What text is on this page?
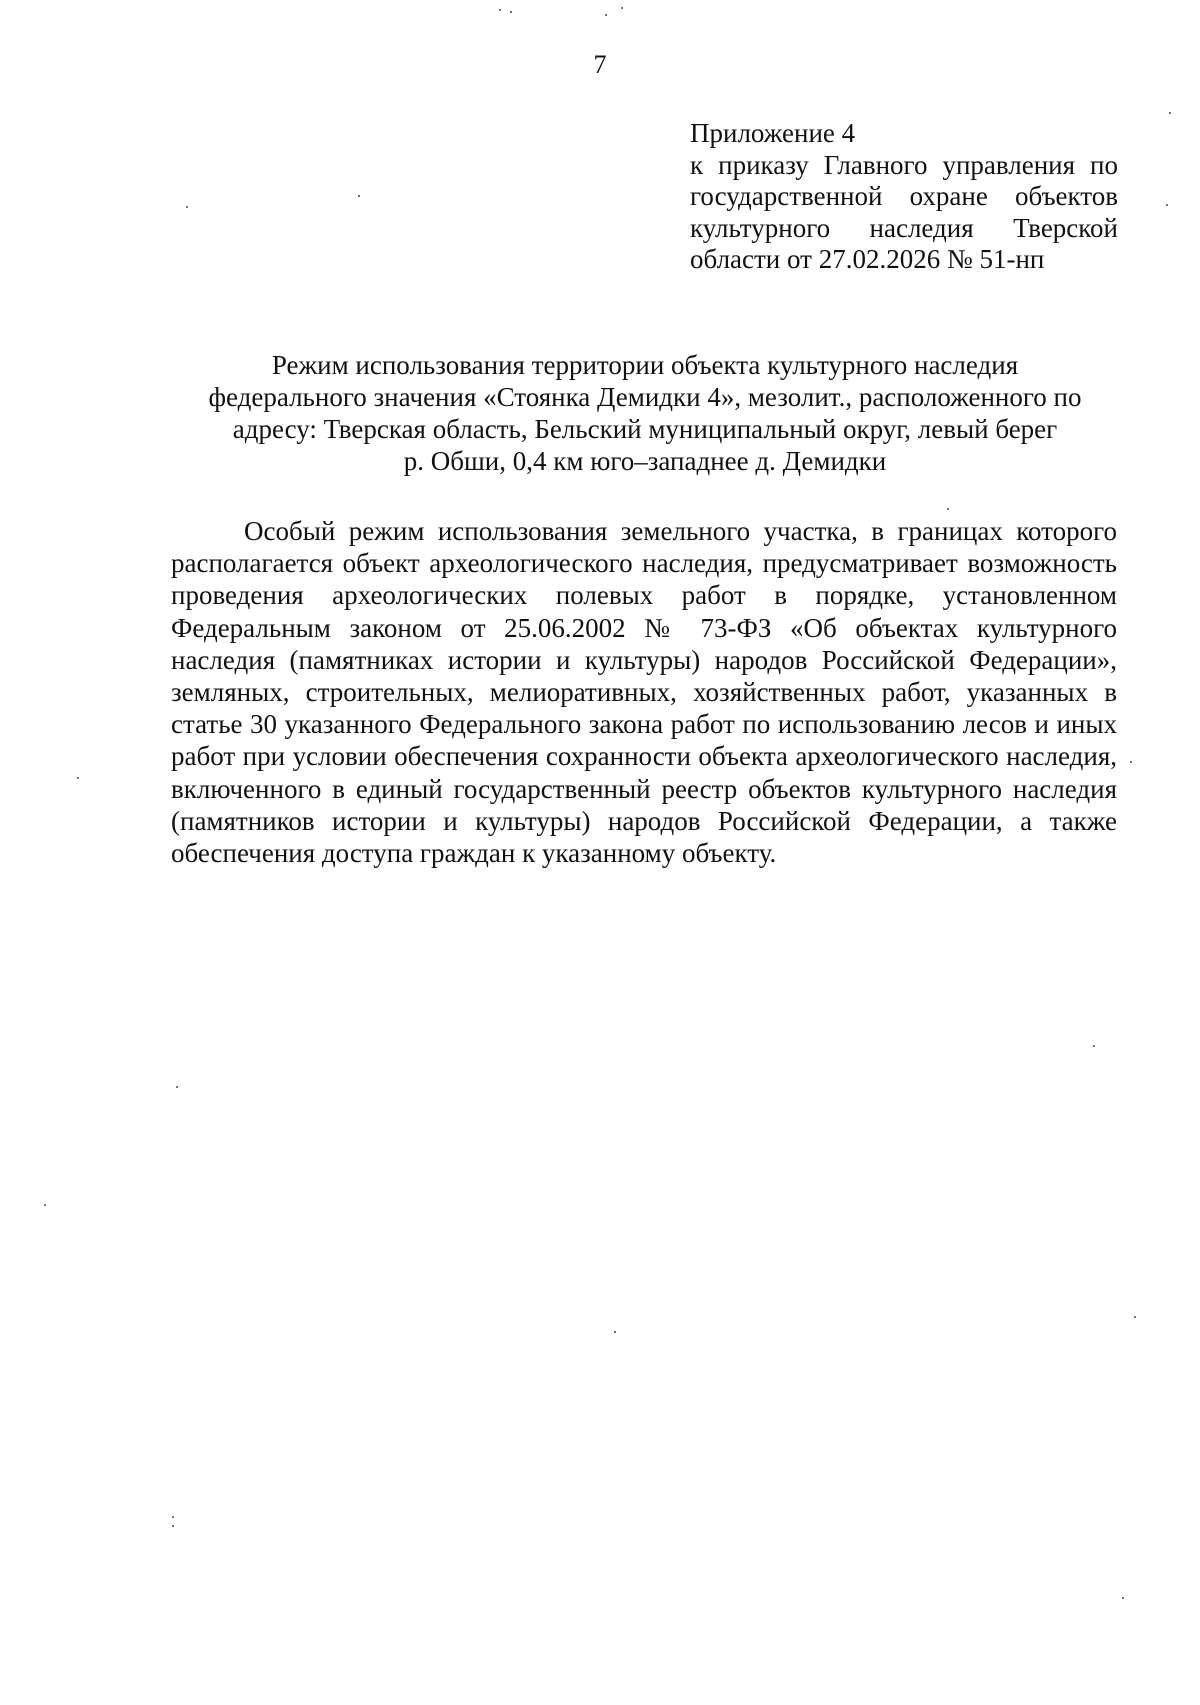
7
Приложение 4
к приказу Главного управления по государственной охране объектов культурного наследия Тверской области от 27.02.2026 № 51-нп
Режим использования территории объекта культурного наследия
федерального значения «Стоянка Демидки 4», мезолит., расположенного по
адресу: Тверская область, Бельский муниципальный округ, левый берег
р. Обши, 0,4 км юго–западнее д. Демидки

Особый режим использования земельного участка, в границах которого располагается объект археологического наследия, предусматривает возможность проведения археологических полевых работ в порядке, установленном Федеральным законом от 25.06.2002 № 73-ФЗ «Об объектах культурного наследия (памятниках истории и культуры) народов Российской Федерации», земляных, строительных, мелиоративных, хозяйственных работ, указанных в статье 30 указанного Федерального закона работ по использованию лесов и иных работ при условии обеспечения сохранности объекта археологического наследия, включенного в единый государственный реестр объектов культурного наследия (памятников истории и культуры) народов Российской Федерации, а также обеспечения доступа граждан к указанному объекту.
